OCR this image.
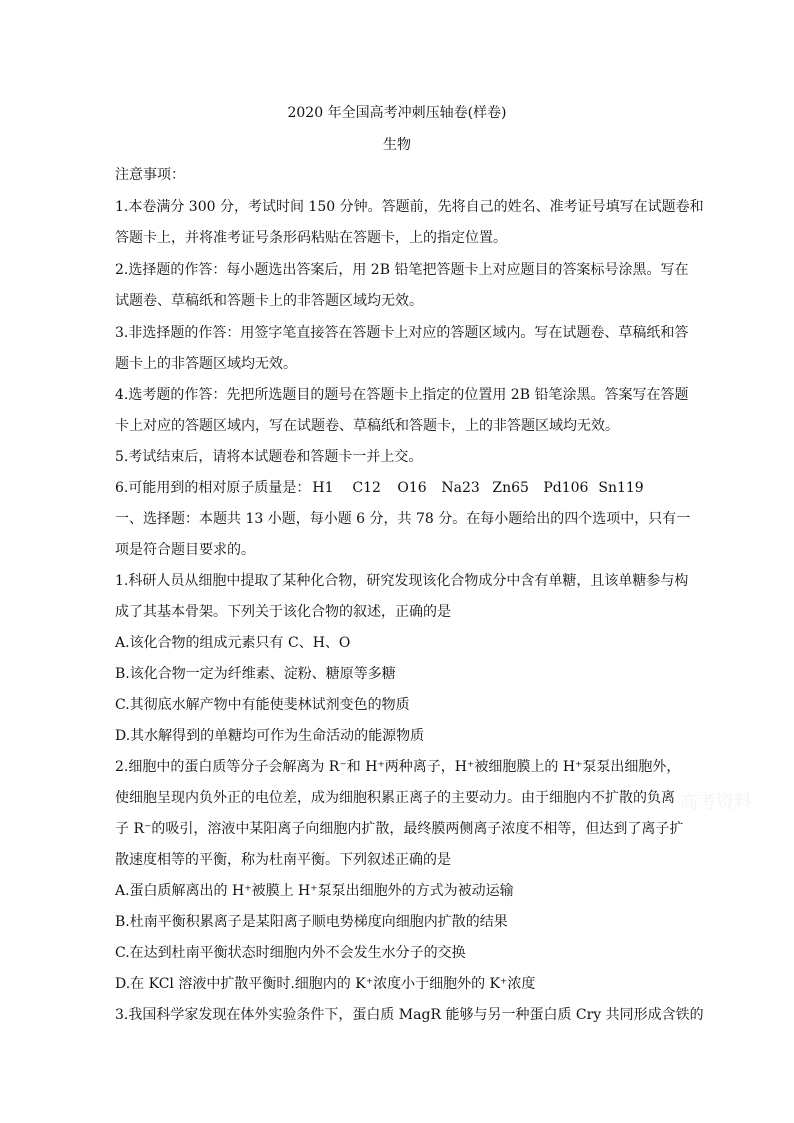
2020 年全国高考冲刺压轴卷(样卷)
生物
注意事项：
1.本卷满分 300 分，考试时间 150 分钟。答题前，先将自己的姓名、准考证号填写在试题卷和
答题卡上，并将准考证号条形码粘贴在答题卡，上的指定位置。
2.选择题的作答：每小题选出答案后，用 2B 铅笔把答题卡上对应题目的答案标号涂黑。写在
试题卷、草稿纸和答题卡上的非答题区域均无效。
3.非选择题的作答：用签字笔直接答在答题卡上对应的答题区域内。写在试题卷、草稿纸和答
题卡上的非答题区域均无效。
4.选考题的作答：先把所选题目的题号在答题卡上指定的位置用 2B 铅笔涂黑。答案写在答题
卡上对应的答题区域内，写在试题卷、草稿纸和答题卡，上的非答题区域均无效。
5.考试结束后，请将本试题卷和答题卡一并上交。
6.可能用到的相对原子质量是： H1 C12 O16 Na23 Zn65 Pd106 Sn119
一、选择题：本题共 13 小题，每小题 6 分，共 78 分。在每小题给出的四个选项中，只有一
项是符合题目要求的。
1.科研人员从细胞中提取了某种化合物，研究发现该化合物成分中含有单糖，且该单糖参与构
成了其基本骨架。下列关于该化合物的叙述，正确的是
A.该化合物的组成元素只有 C、H、O
B.该化合物一定为纤维素、淀粉、糖原等多糖
C.其彻底水解产物中有能使斐林试剂变色的物质
D.其水解得到的单糖均可作为生命活动的能源物质
2.细胞中的蛋白质等分子会解离为 R⁻和 H⁺两种离子，H⁺被细胞膜上的 H⁺泵泵出细胞外，
使细胞呈现内负外正的电位差，成为细胞积累正离子的主要动力。由于细胞内不扩散的负离
子 R⁻的吸引，溶液中某阳离子向细胞内扩散，最终膜两侧离子浓度不相等，但达到了离子扩
散速度相等的平衡，称为杜南平衡。下列叙述正确的是
A.蛋白质解离出的 H⁺被膜上 H⁺泵泵出细胞外的方式为被动运输
B.杜南平衡积累离子是某阳离子顺电势梯度向细胞内扩散的结果
C.在达到杜南平衡状态时细胞内外不会发生水分子的交换
D.在 KCl 溶液中扩散平衡时.细胞内的 K⁺浓度小于细胞外的 K⁺浓度
3.我国科学家发现在体外实验条件下，蛋白质 MagR 能够与另一种蛋白质 Cry 共同形成含铁的
高考资料
